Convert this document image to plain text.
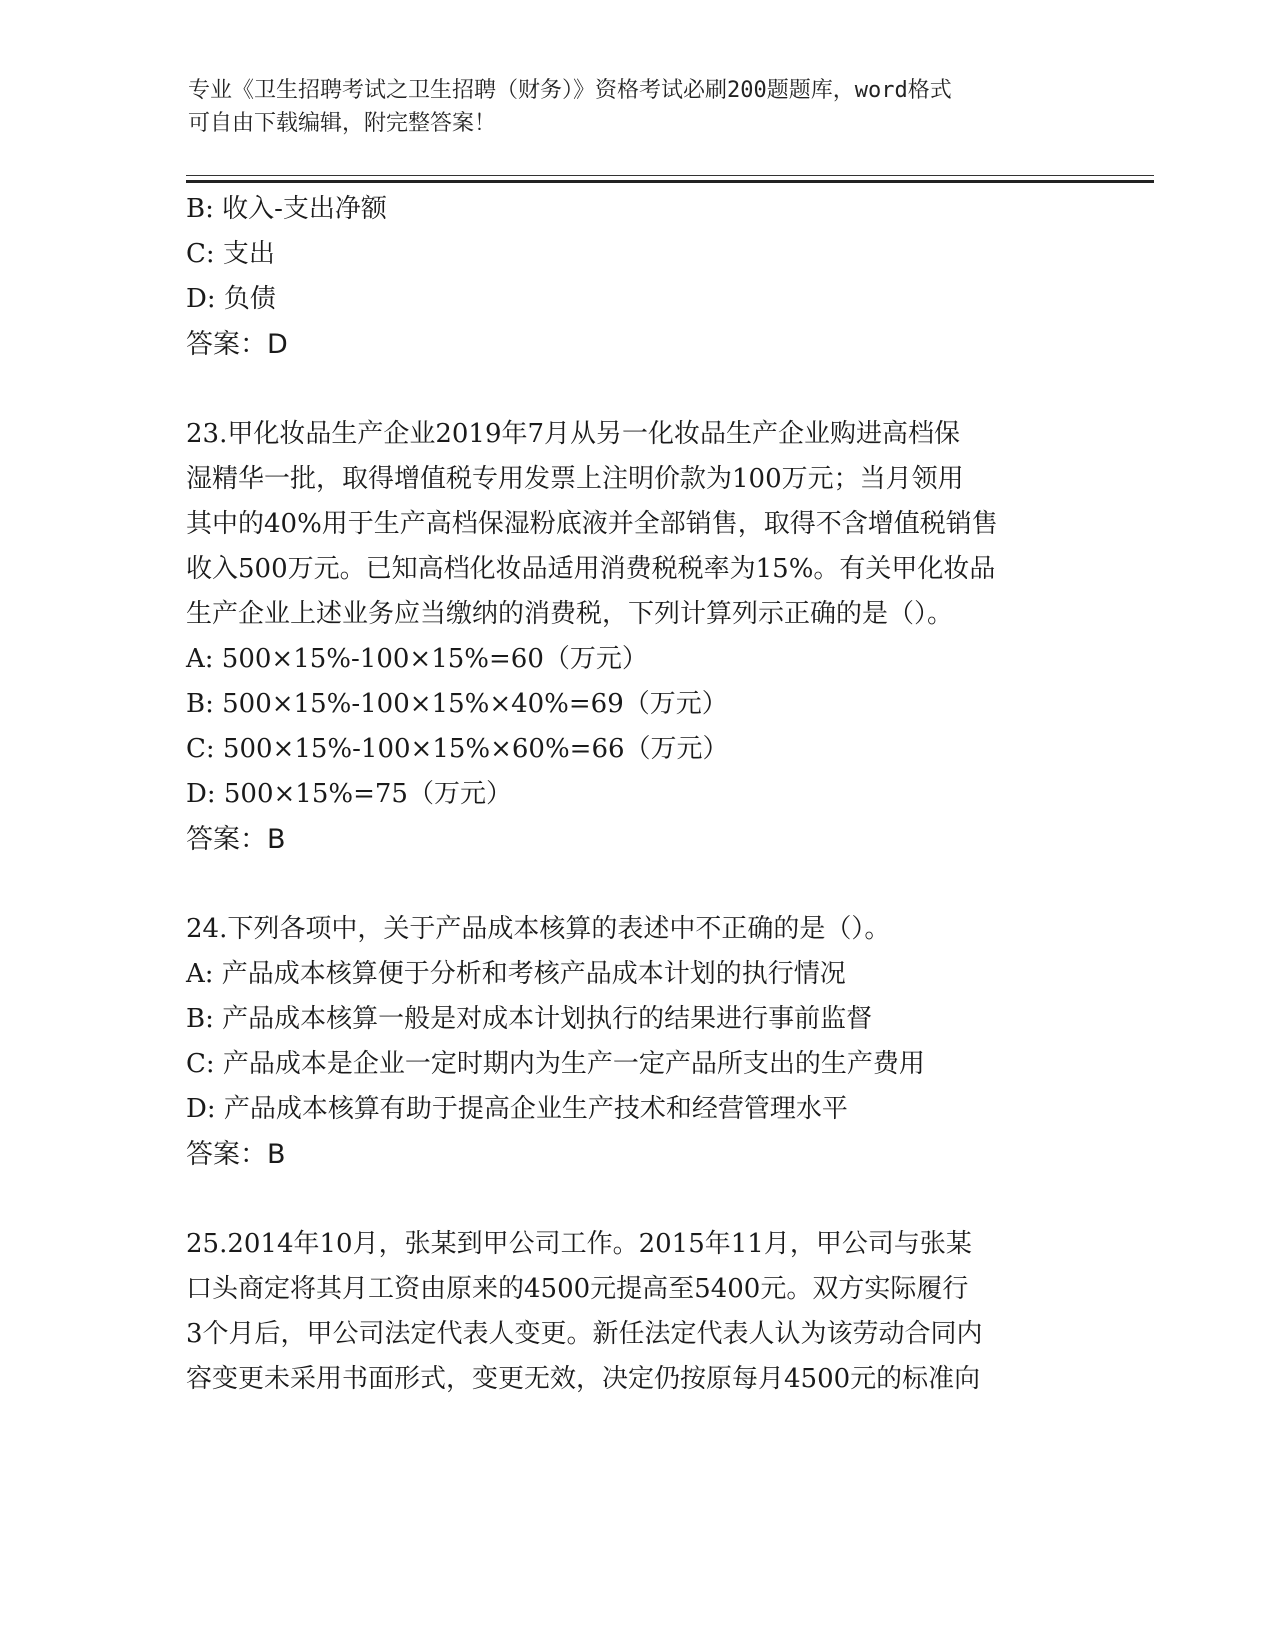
专业《卫生招聘考试之卫生招聘（财务）》资格考试必刷200题题库，word格式
可自由下载编辑，附完整答案！
B: 收入-支出净额
C: 支出
D: 负债
答案：D
23.甲化妆品生产企业2019年7月从另一化妆品生产企业购进高档保
湿精华一批，取得增值税专用发票上注明价款为100万元；当月领用
其中的40%用于生产高档保湿粉底液并全部销售，取得不含增值税销售
收入500万元。已知高档化妆品适用消费税税率为15%。有关甲化妆品
生产企业上述业务应当缴纳的消费税，下列计算列示正确的是（）。
A: 500×15%-100×15%=60（万元）
B: 500×15%-100×15%×40%=69（万元）
C: 500×15%-100×15%×60%=66（万元）
D: 500×15%=75（万元）
答案：B
24.下列各项中，关于产品成本核算的表述中不正确的是（）。
A: 产品成本核算便于分析和考核产品成本计划的执行情况
B: 产品成本核算一般是对成本计划执行的结果进行事前监督
C: 产品成本是企业一定时期内为生产一定产品所支出的生产费用
D: 产品成本核算有助于提高企业生产技术和经营管理水平
答案：B
25.2014年10月，张某到甲公司工作。2015年11月，甲公司与张某
口头商定将其月工资由原来的4500元提高至5400元。双方实际履行
3个月后，甲公司法定代表人变更。新任法定代表人认为该劳动合同内
容变更未采用书面形式，变更无效，决定仍按原每月4500元的标准向
